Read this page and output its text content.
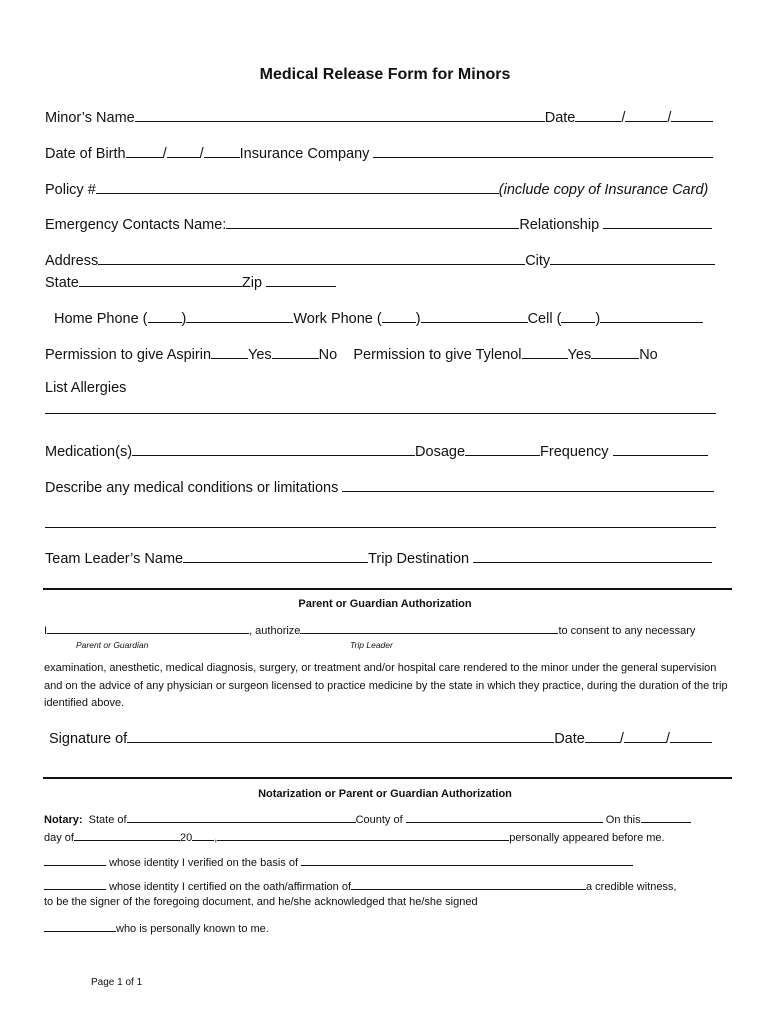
Medical Release Form for Minors
Minor’s Name	Date	/	/
Date of Birth	/ / Insurance Company
Policy #	(include copy of Insurance Card)
Emergency Contacts Name:	Relationship
Address	City
State	Zip
Home Phone ( )	Work Phone ( )	Cell ( )
Permission to give Aspirin	Yes	No Permission to give Tylenol	Yes	No
List Allergies
Medication(s)	Dosage	Frequency
Describe any medical conditions or limitations
Team Leader’s Name	Trip Destination
Parent or Guardian Authorization
I	, authorize	to consent to any necessary
Parent or Guardian	Trip Leader
examination, anesthetic, medical diagnosis, surgery, or treatment and/or hospital care rendered to the minor under the general supervision and on the advice of any physician or surgeon licensed to practice medicine by the state in which they practice, during the duration of the trip identified above.
Signature of	Date /	/
Notarization or Parent or Guardian Authorization
Notary: State of	County of	On this
day of	20 ,	personally appeared before me.
whose identity I verified on the basis of
whose identity I certified on the oath/affirmation of	a credible witness,
to be the signer of the foregoing document, and he/she acknowledged that he/she signed
who is personally known to me.
Page 1 of 1
